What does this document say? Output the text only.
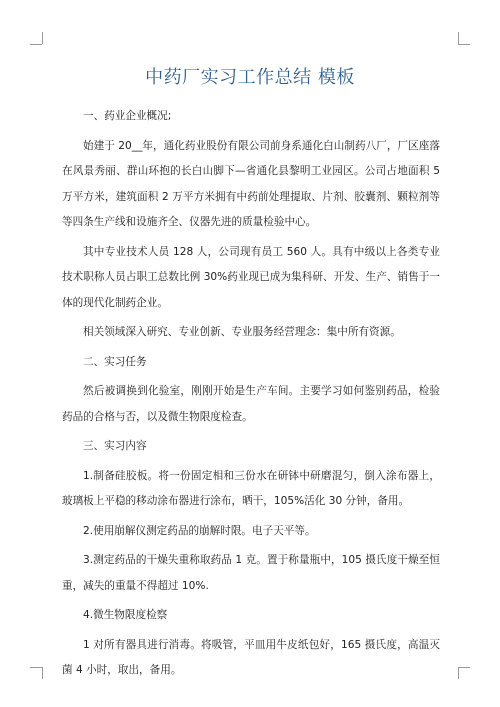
中药厂实习工作总结 模板
一、药业企业概况;
始建于 20__年，通化药业股份有限公司前身系通化白山制药八厂，厂区座落在风景秀丽、群山环抱的长白山脚下—省通化县黎明工业园区。公司占地面积 5 万平方米，建筑面积 2 万平方米拥有中药前处理提取、片剂、胶囊剂、颗粒剂等等四条生产线和设施齐全、仪器先进的质量检验中心。
其中专业技术人员 128 人，公司现有员工 560 人。具有中级以上各类专业技术职称人员占职工总数比例 30%药业现已成为集科研、开发、生产、销售于一体的现代化制药企业。
相关领域深入研究、专业创新、专业服务经营理念：集中所有资源。
二、实习任务
然后被调换到化验室，刚刚开始是生产车间。主要学习如何鉴别药品，检验药品的合格与否，以及微生物限度检查。
三、实习内容
1.制备硅胶板。将一份固定相和三份水在研钵中研磨混匀，倒入涂布器上，玻璃板上平稳的移动涂布器进行涂布，晒干，105%活化 30 分钟，备用。
2.使用崩解仪测定药品的崩解时限。电子天平等。
3.测定药品的干燥失重称取药品 1 克。置于称量瓶中，105 摄氏度干燥至恒重，减失的重量不得超过 10%.
4.微生物限度检察
1 对所有器具进行消毒。将吸管，平皿用牛皮纸包好，165 摄氏度，高温灭菌 4 小时，取出，备用。
